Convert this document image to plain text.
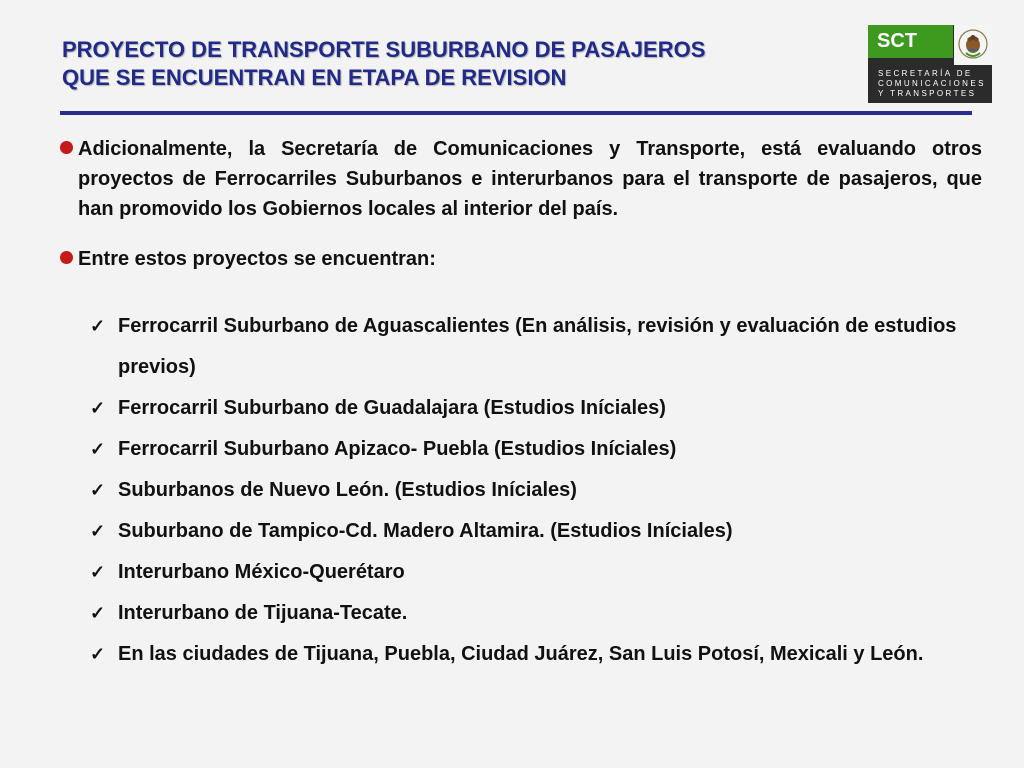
PROYECTO DE TRANSPORTE SUBURBANO DE PASAJEROS
QUE SE ENCUENTRAN EN ETAPA DE REVISION
SCT
SECRETARÍA DE
COMUNICACIONES
Y TRANSPORTES
Adicionalmente, la Secretaría de Comunicaciones y Transporte, está evaluando otros proyectos de Ferrocarriles Suburbanos e interurbanos para el transporte de pasajeros, que han promovido los Gobiernos locales al interior del país.
Entre estos proyectos se encuentran:
✓ Ferrocarril Suburbano de Aguascalientes (En análisis, revisión y evaluación de estudios previos)
✓ Ferrocarril Suburbano de Guadalajara (Estudios Iníciales)
✓ Ferrocarril Suburbano Apizaco- Puebla (Estudios Iníciales)
✓ Suburbanos de Nuevo León. (Estudios Iníciales)
✓ Suburbano de Tampico-Cd. Madero Altamira. (Estudios Iníciales)
✓ Interurbano México-Querétaro
✓ Interurbano de Tijuana-Tecate.
✓ En las ciudades de Tijuana, Puebla, Ciudad Juárez, San Luis Potosí, Mexicali y León.
